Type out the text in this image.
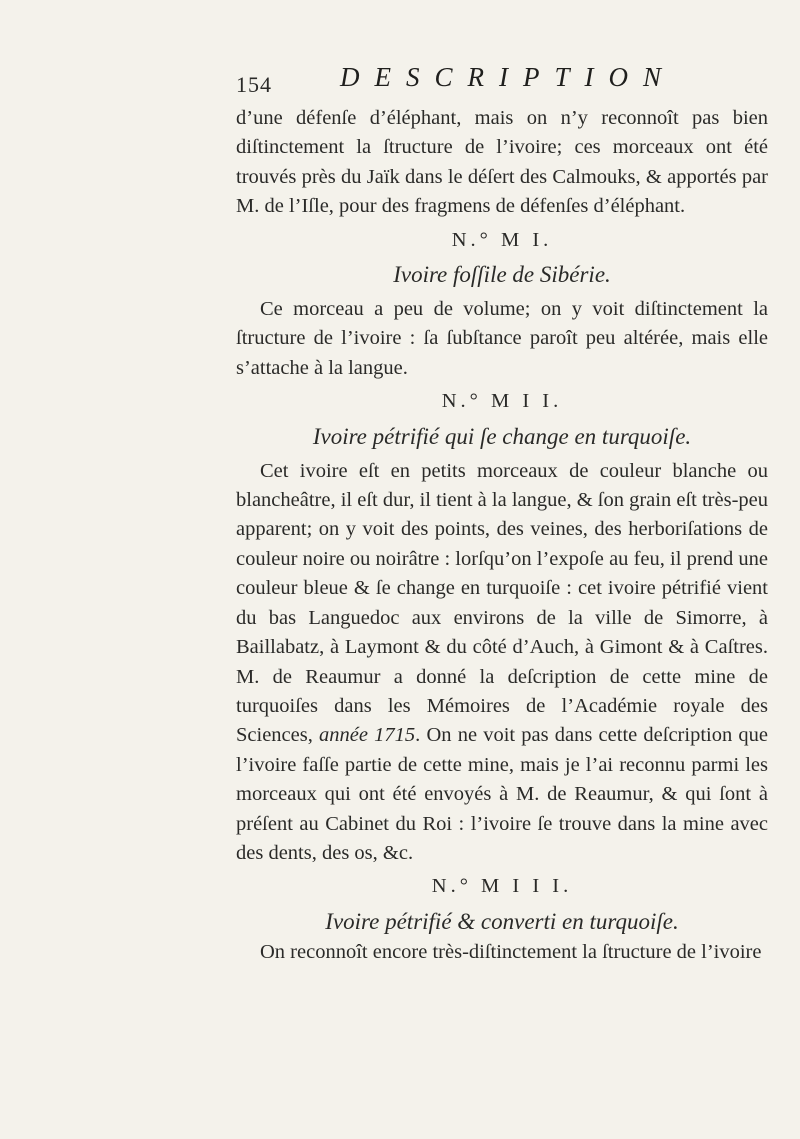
154	DESCRIPTION

d’une défenſe d’éléphant, mais on n’y reconnoît pas bien diſtinctement la ſtructure de l’ivoire; ces morceaux ont été trouvés près du Jaïk dans le déſert des Calmouks, & apportés par M. de l’Iſle, pour des fragmens de défenſes d’éléphant.

N.° M I.

Ivoire foſſile de Sibérie.

Ce morceau a peu de volume; on y voit diſtinctement la ſtructure de l’ivoire : ſa ſubſtance paroît peu altérée, mais elle s’attache à la langue.

N.° M I I.

Ivoire pétrifié qui ſe change en turquoiſe.

Cet ivoire eſt en petits morceaux de couleur blanche ou blancheâtre, il eſt dur, il tient à la langue, & ſon grain eſt très-peu apparent; on y voit des points, des veines, des herboriſations de couleur noire ou noirâtre : lorſqu’on l’expoſe au feu, il prend une couleur bleue & ſe change en turquoiſe : cet ivoire pétrifié vient du bas Languedoc aux environs de la ville de Simorre, à Baillabatz, à Laymont & du côté d’Auch, à Gimont & à Caſtres. M. de Reaumur a donné la deſcription de cette mine de turquoiſes dans les Mémoires de l’Académie royale des Sciences, année 1715. On ne voit pas dans cette deſcription que l’ivoire faſſe partie de cette mine, mais je l’ai reconnu parmi les morceaux qui ont été envoyés à M. de Reaumur, & qui ſont à préſent au Cabinet du Roi : l’ivoire ſe trouve dans la mine avec des dents, des os, &c.

N.° M I I I.

Ivoire pétrifié & converti en turquoiſe.

On reconnoît encore très-diſtinctement la ſtructure de l’ivoire
